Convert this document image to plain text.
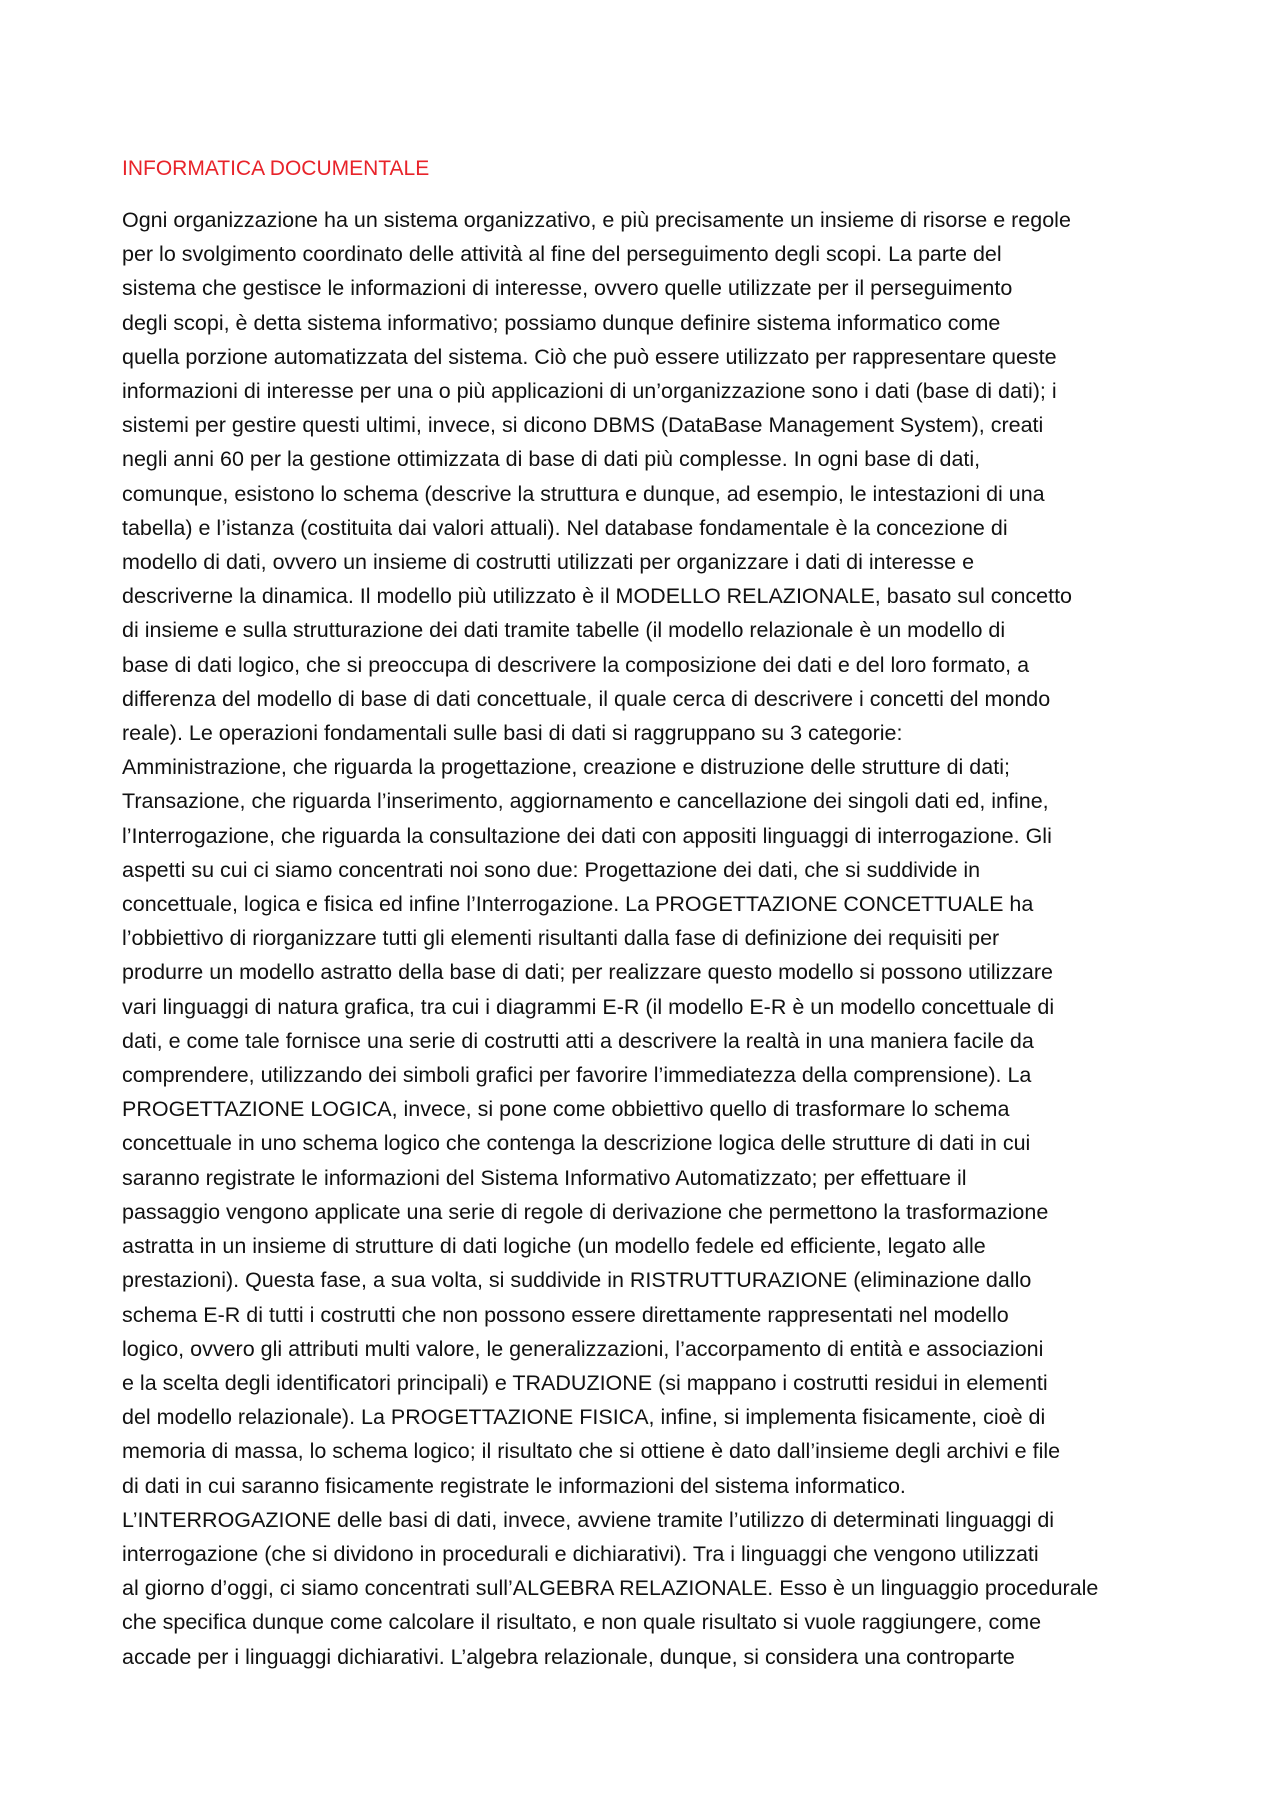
INFORMATICA DOCUMENTALE
Ogni organizzazione ha un sistema organizzativo, e più precisamente un insieme di risorse e regole
per lo svolgimento coordinato delle attività al fine del perseguimento degli scopi. La parte del
sistema che gestisce le informazioni di interesse, ovvero quelle utilizzate per il perseguimento
degli scopi, è detta sistema informativo; possiamo dunque definire sistema informatico come
quella porzione automatizzata del sistema. Ciò che può essere utilizzato per rappresentare queste
informazioni di interesse per una o più applicazioni di un’organizzazione sono i dati (base di dati); i
sistemi per gestire questi ultimi, invece, si dicono DBMS (DataBase Management System), creati
negli anni 60 per la gestione ottimizzata di base di dati più complesse. In ogni base di dati,
comunque, esistono lo schema (descrive la struttura e dunque, ad esempio, le intestazioni di una
tabella) e l’istanza (costituita dai valori attuali). Nel database fondamentale è la concezione di
modello di dati, ovvero un insieme di costrutti utilizzati per organizzare i dati di interesse e
descriverne la dinamica. Il modello più utilizzato è il MODELLO RELAZIONALE, basato sul concetto
di insieme e sulla strutturazione dei dati tramite tabelle (il modello relazionale è un modello di
base di dati logico, che si preoccupa di descrivere la composizione dei dati e del loro formato, a
differenza del modello di base di dati concettuale, il quale cerca di descrivere i concetti del mondo
reale). Le operazioni fondamentali sulle basi di dati si raggruppano su 3 categorie:
Amministrazione, che riguarda la progettazione, creazione e distruzione delle strutture di dati;
Transazione, che riguarda l’inserimento, aggiornamento e cancellazione dei singoli dati ed, infine,
l’Interrogazione, che riguarda la consultazione dei dati con appositi linguaggi di interrogazione. Gli
aspetti su cui ci siamo concentrati noi sono due: Progettazione dei dati, che si suddivide in
concettuale, logica e fisica ed infine l’Interrogazione. La PROGETTAZIONE CONCETTUALE ha
l’obbiettivo di riorganizzare tutti gli elementi risultanti dalla fase di definizione dei requisiti per
produrre un modello astratto della base di dati; per realizzare questo modello si possono utilizzare
vari linguaggi di natura grafica, tra cui i diagrammi E-R (il modello E-R è un modello concettuale di
dati, e come tale fornisce una serie di costrutti atti a descrivere la realtà in una maniera facile da
comprendere, utilizzando dei simboli grafici per favorire l’immediatezza della comprensione). La
PROGETTAZIONE LOGICA, invece, si pone come obbiettivo quello di trasformare lo schema
concettuale in uno schema logico che contenga la descrizione logica delle strutture di dati in cui
saranno registrate le informazioni del Sistema Informativo Automatizzato; per effettuare il
passaggio vengono applicate una serie di regole di derivazione che permettono la trasformazione
astratta in un insieme di strutture di dati logiche (un modello fedele ed efficiente, legato alle
prestazioni). Questa fase, a sua volta, si suddivide in RISTRUTTURAZIONE (eliminazione dallo
schema E-R di tutti i costrutti che non possono essere direttamente rappresentati nel modello
logico, ovvero gli attributi multi valore, le generalizzazioni, l’accorpamento di entità e associazioni
e la scelta degli identificatori principali) e TRADUZIONE (si mappano i costrutti residui in elementi
del modello relazionale). La PROGETTAZIONE FISICA, infine, si implementa fisicamente, cioè di
memoria di massa, lo schema logico; il risultato che si ottiene è dato dall’insieme degli archivi e file
di dati in cui saranno fisicamente registrate le informazioni del sistema informatico.
L’INTERROGAZIONE delle basi di dati, invece, avviene tramite l’utilizzo di determinati linguaggi di
interrogazione (che si dividono in procedurali e dichiarativi). Tra i linguaggi che vengono utilizzati
al giorno d’oggi, ci siamo concentrati sull’ALGEBRA RELAZIONALE. Esso è un linguaggio procedurale
che specifica dunque come calcolare il risultato, e non quale risultato si vuole raggiungere, come
accade per i linguaggi dichiarativi. L’algebra relazionale, dunque, si considera una controparte
